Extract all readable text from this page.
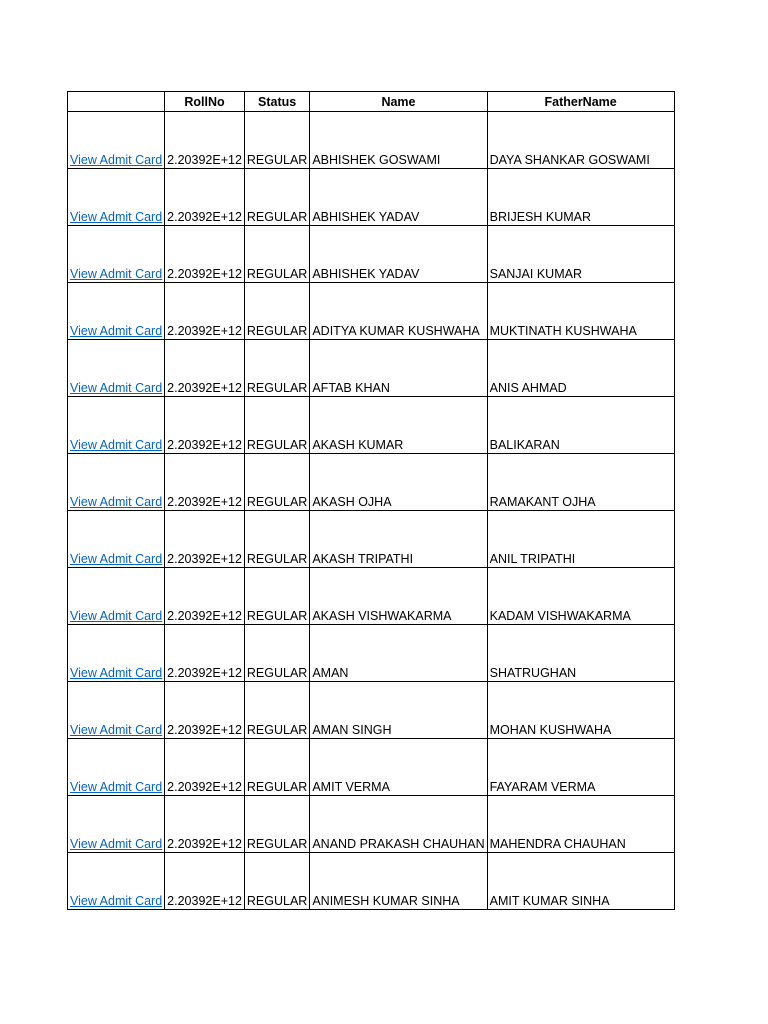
	RollNo	Status	Name	FatherName
View Admit Card	2.20392E+12	REGULAR	ABHISHEK GOSWAMI	DAYA SHANKAR GOSWAMI
View Admit Card	2.20392E+12	REGULAR	ABHISHEK YADAV	BRIJESH KUMAR
View Admit Card	2.20392E+12	REGULAR	ABHISHEK YADAV	SANJAI KUMAR
View Admit Card	2.20392E+12	REGULAR	ADITYA KUMAR KUSHWAHA	MUKTINATH KUSHWAHA
View Admit Card	2.20392E+12	REGULAR	AFTAB KHAN	ANIS AHMAD
View Admit Card	2.20392E+12	REGULAR	AKASH KUMAR	BALIKARAN
View Admit Card	2.20392E+12	REGULAR	AKASH OJHA	RAMAKANT OJHA
View Admit Card	2.20392E+12	REGULAR	AKASH TRIPATHI	ANIL TRIPATHI
View Admit Card	2.20392E+12	REGULAR	AKASH VISHWAKARMA	KADAM VISHWAKARMA
View Admit Card	2.20392E+12	REGULAR	AMAN	SHATRUGHAN
View Admit Card	2.20392E+12	REGULAR	AMAN SINGH	MOHAN KUSHWAHA
View Admit Card	2.20392E+12	REGULAR	AMIT VERMA	FAYARAM VERMA
View Admit Card	2.20392E+12	REGULAR	ANAND PRAKASH CHAUHAN	MAHENDRA CHAUHAN
View Admit Card	2.20392E+12	REGULAR	ANIMESH KUMAR SINHA	AMIT KUMAR SINHA
